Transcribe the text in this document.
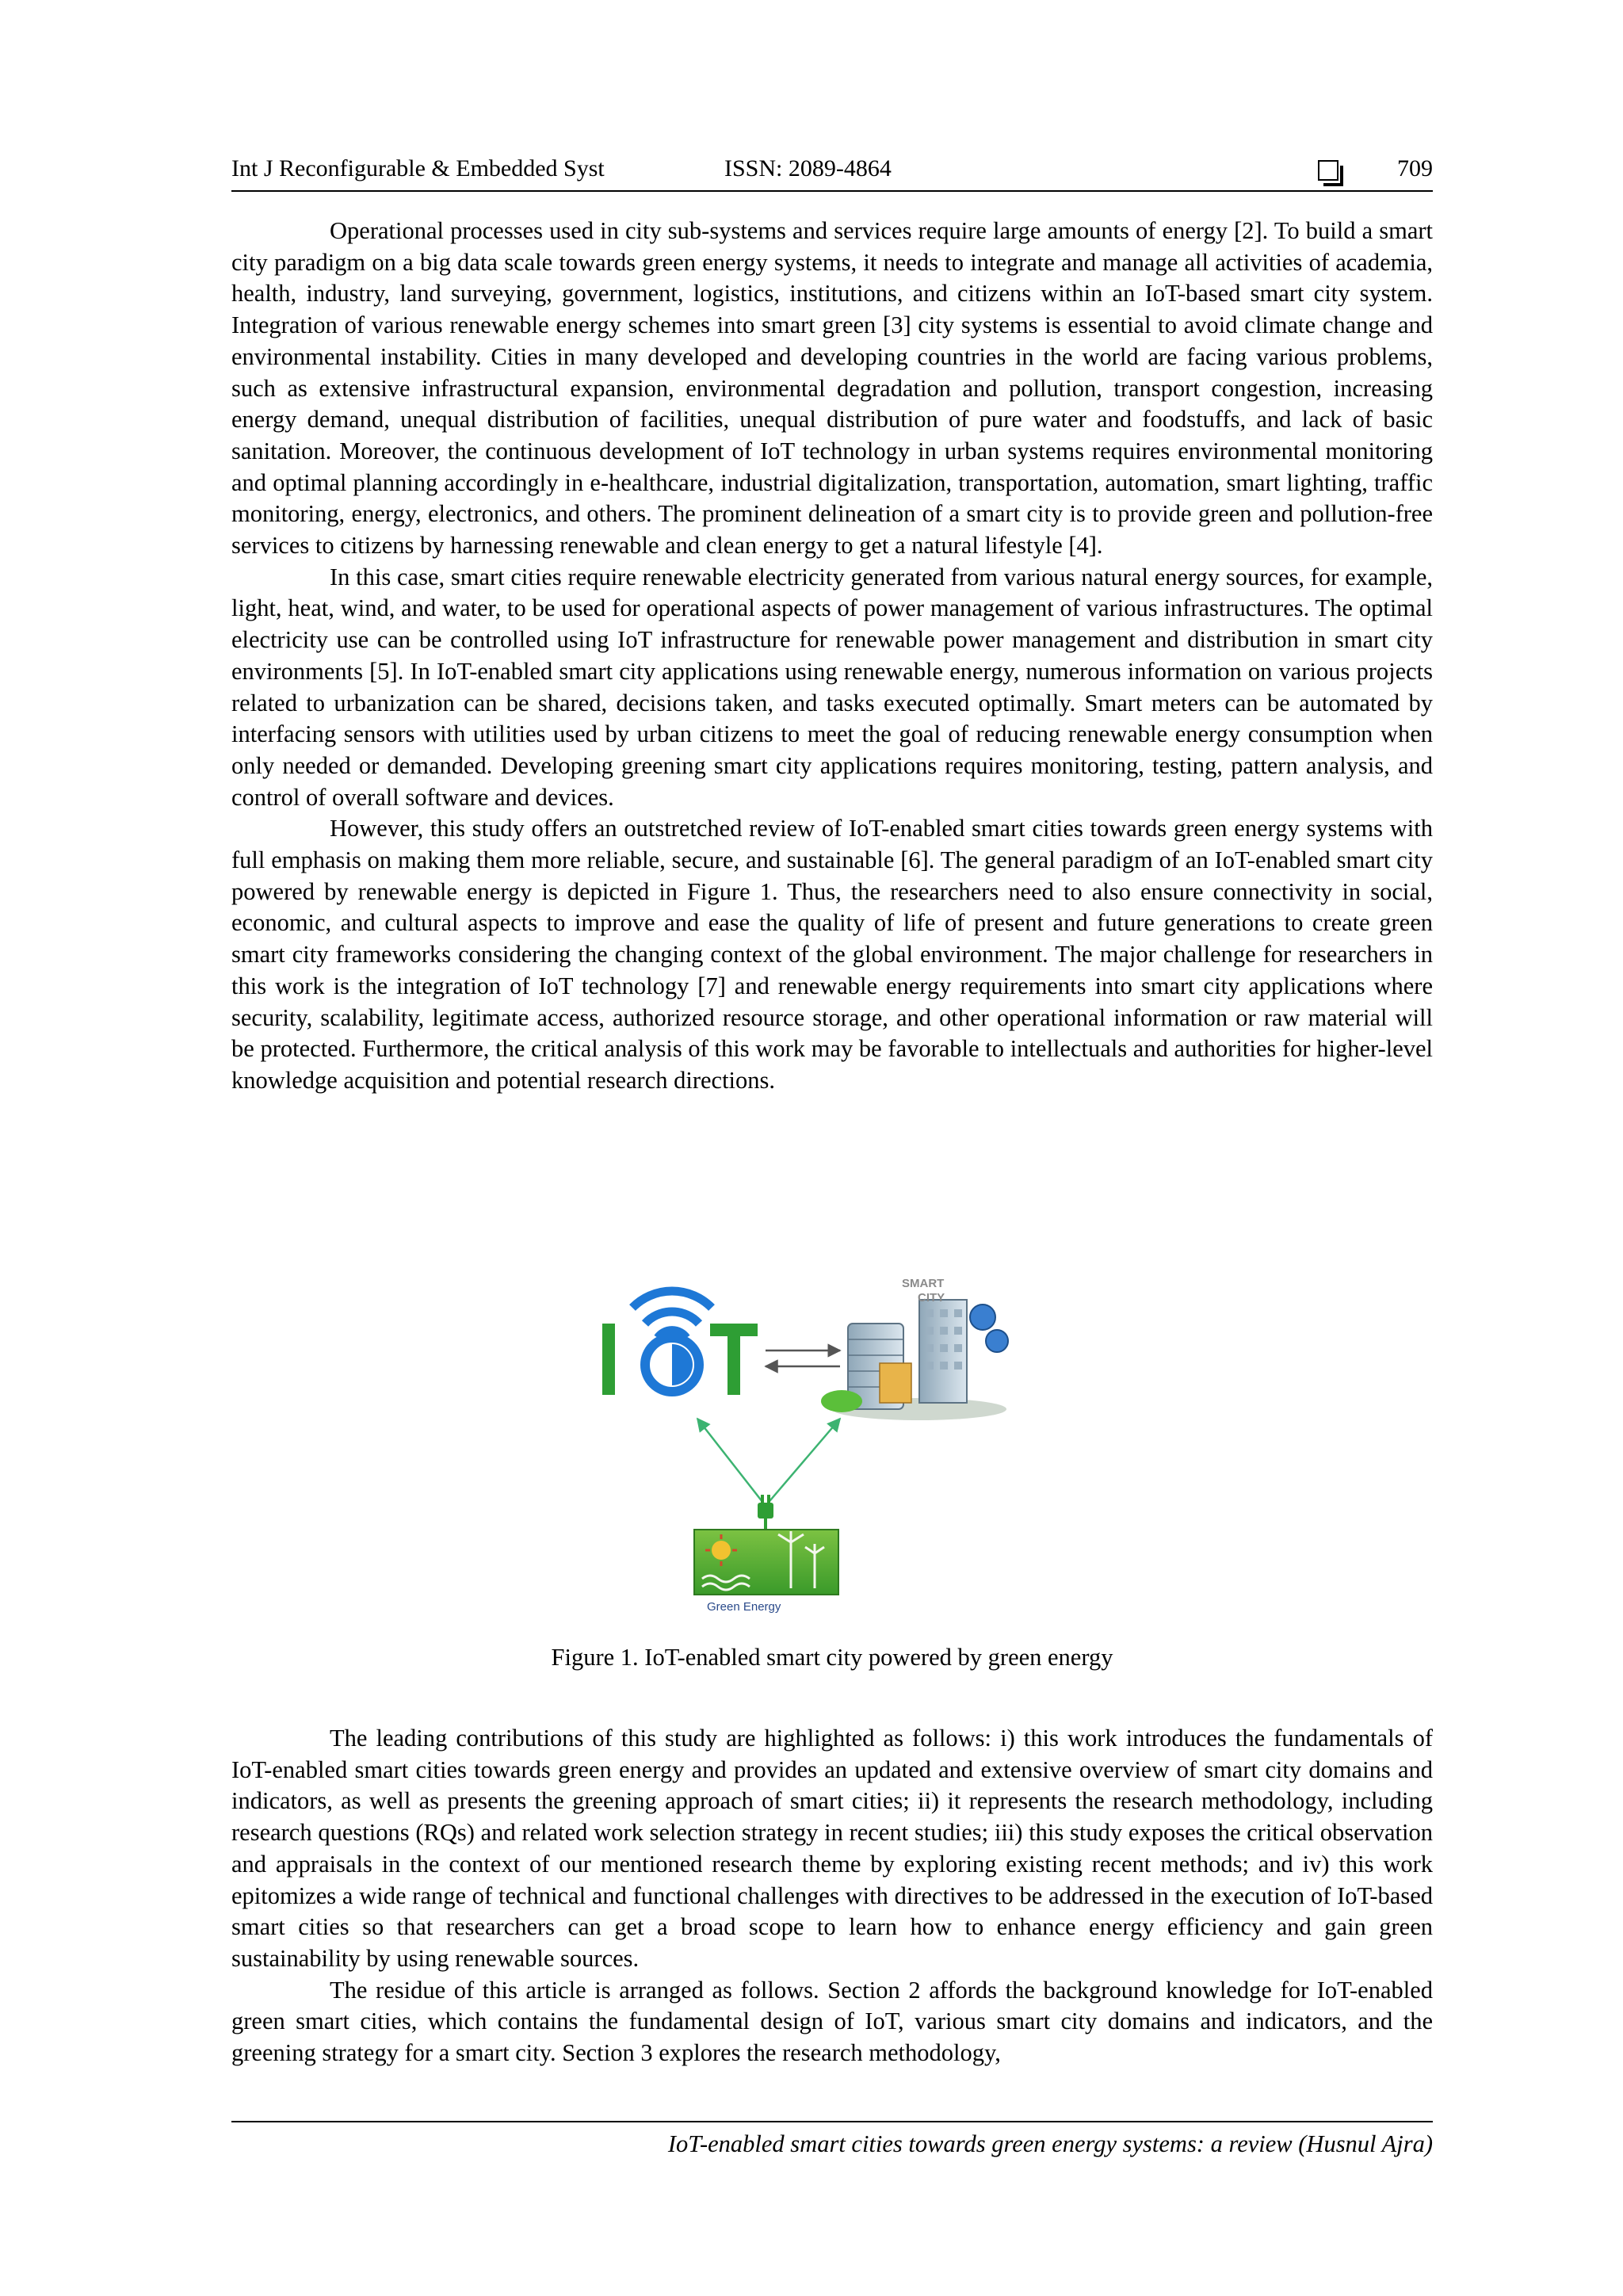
Int J Reconfigurable & Embedded Syst	ISSN: 2089-4864	709

Operational processes used in city sub-systems and services require large amounts of energy [2]. To build a smart city paradigm on a big data scale towards green energy systems, it needs to integrate and manage all activities of academia, health, industry, land surveying, government, logistics, institutions, and citizens within an IoT-based smart city system. Integration of various renewable energy schemes into smart green [3] city systems is essential to avoid climate change and environmental instability. Cities in many developed and developing countries in the world are facing various problems, such as extensive infrastructural expansion, environmental degradation and pollution, transport congestion, increasing energy demand, unequal distribution of facilities, unequal distribution of pure water and foodstuffs, and lack of basic sanitation. Moreover, the continuous development of IoT technology in urban systems requires environmental monitoring and optimal planning accordingly in e-healthcare, industrial digitalization, transportation, automation, smart lighting, traffic monitoring, energy, electronics, and others. The prominent delineation of a smart city is to provide green and pollution-free services to citizens by harnessing renewable and clean energy to get a natural lifestyle [4].

In this case, smart cities require renewable electricity generated from various natural energy sources, for example, light, heat, wind, and water, to be used for operational aspects of power management of various infrastructures. The optimal electricity use can be controlled using IoT infrastructure for renewable power management and distribution in smart city environments [5]. In IoT-enabled smart city applications using renewable energy, numerous information on various projects related to urbanization can be shared, decisions taken, and tasks executed optimally. Smart meters can be automated by interfacing sensors with utilities used by urban citizens to meet the goal of reducing renewable energy consumption when only needed or demanded. Developing greening smart city applications requires monitoring, testing, pattern analysis, and control of overall software and devices.

However, this study offers an outstretched review of IoT-enabled smart cities towards green energy systems with full emphasis on making them more reliable, secure, and sustainable [6]. The general paradigm of an IoT-enabled smart city powered by renewable energy is depicted in Figure 1. Thus, the researchers need to also ensure connectivity in social, economic, and cultural aspects to improve and ease the quality of life of present and future generations to create green smart city frameworks considering the changing context of the global environment. The major challenge for researchers in this work is the integration of IoT technology [7] and renewable energy requirements into smart city applications where security, scalability, legitimate access, authorized resource storage, and other operational information or raw material will be protected. Furthermore, the critical analysis of this work may be favorable to intellectuals and authorities for higher-level knowledge acquisition and potential research directions.

SMART
CITY
Green Energy
Figure 1. IoT-enabled smart city powered by green energy

The leading contributions of this study are highlighted as follows: i) this work introduces the fundamentals of IoT-enabled smart cities towards green energy and provides an updated and extensive overview of smart city domains and indicators, as well as presents the greening approach of smart cities; ii) it represents the research methodology, including research questions (RQs) and related work selection strategy in recent studies; iii) this study exposes the critical observation and appraisals in the context of our mentioned research theme by exploring existing recent methods; and iv) this work epitomizes a wide range of technical and functional challenges with directives to be addressed in the execution of IoT-based smart cities so that researchers can get a broad scope to learn how to enhance energy efficiency and gain green sustainability by using renewable sources.

The residue of this article is arranged as follows. Section 2 affords the background knowledge for IoT-enabled green smart cities, which contains the fundamental design of IoT, various smart city domains and indicators, and the greening strategy for a smart city. Section 3 explores the research methodology,

IoT-enabled smart cities towards green energy systems: a review (Husnul Ajra)
